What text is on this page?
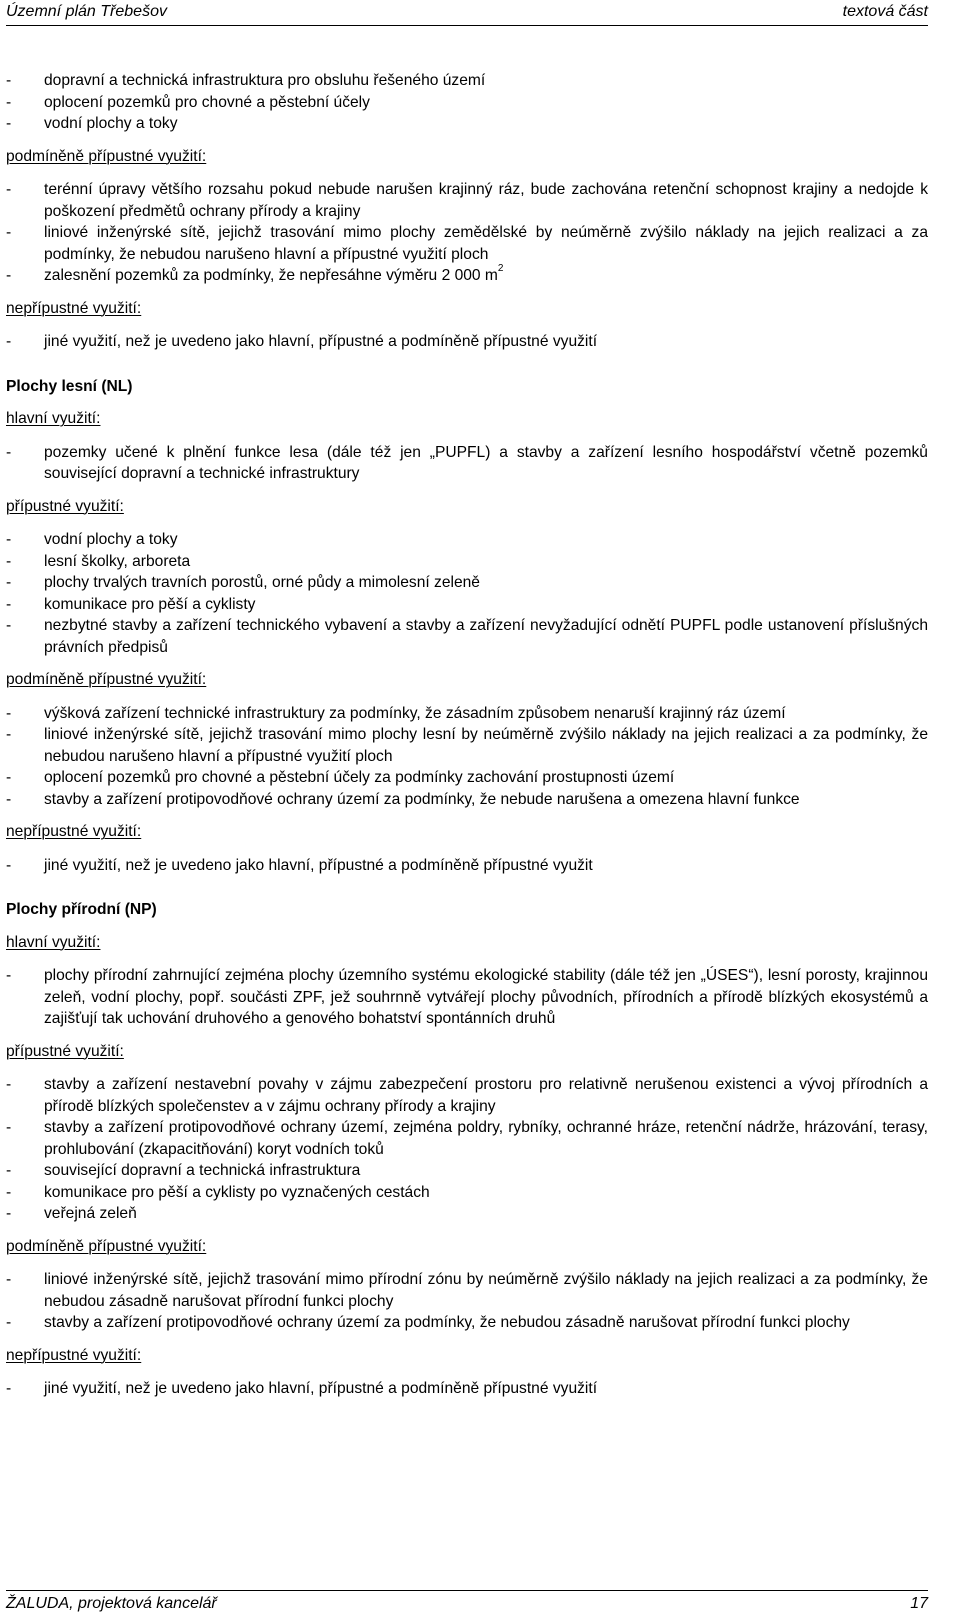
Územní plán Třebešov	textová část
- dopravní a technická infrastruktura pro obsluhu řešeného území
- oplocení pozemků pro chovné a pěstební účely
- vodní plochy a toky
podmíněně přípustné využití:
- terénní úpravy většího rozsahu pokud nebude narušen krajinný ráz, bude zachována retenční schopnost krajiny a nedojde k poškození předmětů ochrany přírody a krajiny
- liniové inženýrské sítě, jejichž trasování mimo plochy zemědělské by neúměrně zvýšilo náklady na jejich realizaci a za podmínky, že nebudou narušeno hlavní a přípustné využití ploch
- zalesnění pozemků za podmínky, že nepřesáhne výměru 2 000 $m^2$
nepřípustné využití:
- jiné využití, než je uvedeno jako hlavní, přípustné a podmíněně přípustné využití
Plochy lesní (NL)
hlavní využití:
- pozemky učené k plnění funkce lesa (dále též jen „PUPFL) a stavby a zařízení lesního hospodářství včetně pozemků související dopravní a technické infrastruktury
přípustné využití:
- vodní plochy a toky
- lesní školky, arboreta
- plochy trvalých travních porostů, orné půdy a mimolesní zeleně
- komunikace pro pěší a cyklisty
- nezbytné stavby a zařízení technického vybavení a stavby a zařízení nevyžadující odnětí PUPFL podle ustanovení příslušných právních předpisů
podmíněně přípustné využití:
- výšková zařízení technické infrastruktury za podmínky, že zásadním způsobem nenaruší krajinný ráz území
- liniové inženýrské sítě, jejichž trasování mimo plochy lesní by neúměrně zvýšilo náklady na jejich realizaci a za podmínky, že nebudou narušeno hlavní a přípustné využití ploch
- oplocení pozemků pro chovné a pěstební účely za podmínky zachování prostupnosti území
- stavby a zařízení protipovodňové ochrany území za podmínky, že nebude narušena a omezena hlavní funkce
nepřípustné využití:
- jiné využití, než je uvedeno jako hlavní, přípustné a podmíněně přípustné využit
Plochy přírodní (NP)
hlavní využití:
- plochy přírodní zahrnující zejména plochy územního systému ekologické stability (dále též jen „ÚSES“), lesní porosty, krajinnou zeleň, vodní plochy, popř. součásti ZPF, jež souhrnně vytvářejí plochy původních, přírodních a přírodě blízkých ekosystémů a zajišťují tak uchování druhového a genového bohatství spontánních druhů
přípustné využití:
- stavby a zařízení nestavební povahy v zájmu zabezpečení prostoru pro relativně nerušenou existenci a vývoj přírodních a přírodě blízkých společenstev a v zájmu ochrany přírody a krajiny
- stavby a zařízení protipovodňové ochrany území, zejména poldry, rybníky, ochranné hráze, retenční nádrže, hrázování, terasy, prohlubování (zkapacitňování) koryt vodních toků
- související dopravní a technická infrastruktura
- komunikace pro pěší a cyklisty po vyznačených cestách
- veřejná zeleň
podmíněně přípustné využití:
- liniové inženýrské sítě, jejichž trasování mimo přírodní zónu by neúměrně zvýšilo náklady na jejich realizaci a za podmínky, že nebudou zásadně narušovat přírodní funkci plochy
- stavby a zařízení protipovodňové ochrany území za podmínky, že nebudou zásadně narušovat přírodní funkci plochy
nepřípustné využití:
- jiné využití, než je uvedeno jako hlavní, přípustné a podmíněně přípustné využití
ŽALUDA, projektová kancelář	17
